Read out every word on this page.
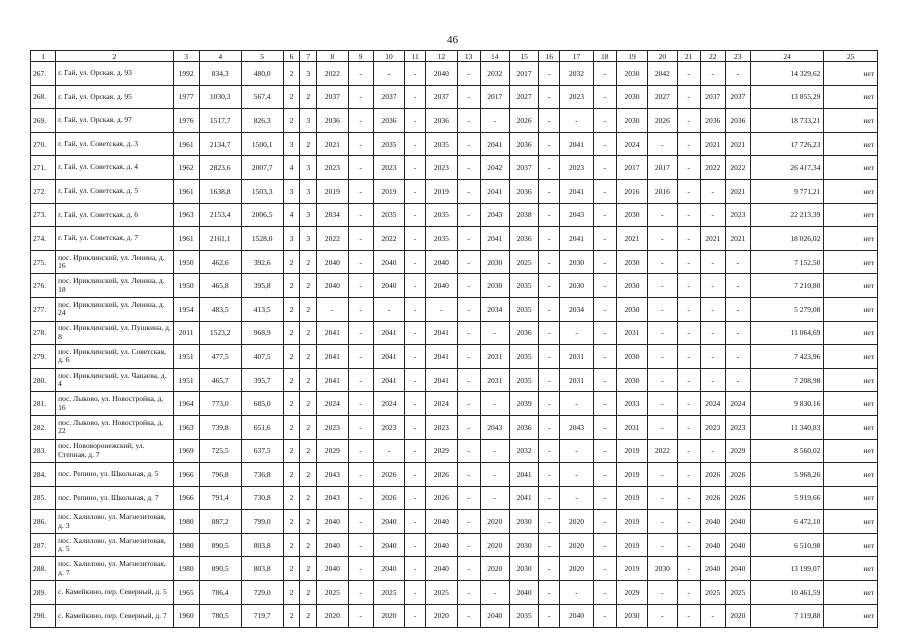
46
1	2	3	4	5	6	7	8	9	10	11	12	13	14	15	16	17	18	19	20	21	22	23	24	25
267.	г. Гай, ул. Орская, д. 93	1992	834,3	480,0	2	3	2022	-	-	-	2040	-	2032	2017	-	2032	-	2030	2042	-	-	-	14 329,62	нет
268.	г. Гай, ул. Орская, д. 95	1977	1030,3	567,4	2	2	2037	-	2037	-	2037	-	2017	2027	-	2023	-	2030	2027	-	2037	2037	13 855,29	нет
269.	г. Гай, ул. Орская, д. 97	1976	1517,7	826,3	2	3	2036	-	2036	-	2036	-	-	2026	-	-	-	2030	2026	-	2036	2036	18 733,21	нет
270.	г. Гай, ул. Советская, д. 3	1961	2134,7	1500,1	3	2	2021	-	2035	-	2035	-	2041	2036	-	2041	-	2024	-	-	2021	2021	17 726,23	нет
271.	г. Гай, ул. Советская, д. 4	1962	2823,6	2007,7	4	3	2023	-	2023	-	2023	-	2042	2037	-	2023	-	2017	2017	-	2022	2022	26 417,34	нет
272.	г. Гай, ул. Советская, д. 5	1961	1638,8	1503,3	3	3	2019	-	2019	-	2019	-	2041	2036	-	2041	-	2016	2016	-	-	2021	9 771,21	нет
273.	г. Гай, ул. Советская, д. 6	1963	2153,4	2006,5	4	3	2034	-	2035	-	2035	-	2043	2038	-	2043	-	2030	-	-	-	2023	22 213,39	нет
274.	г. Гай, ул. Советская, д. 7	1961	2161,1	1528,0	3	3	2022	-	2022	-	2035	-	2041	2036	-	2041	-	2021	-	-	2021	2021	18 026,02	нет
275.	пос. Ириклинский, ул. Ленина, д. 16	1950	462,6	392,6	2	2	2040	-	2040	-	2040	-	2030	2025	-	2030	-	2030	-	-	-	-	7 152,50	нет
276.	пос. Ириклинский, ул. Ленина, д. 18	1950	465,8	395,8	2	2	2040	-	2040	-	2040	-	2030	2035	-	2030	-	2030	-	-	-	-	7 210,80	нет
277.	пос. Ириклинский, ул. Ленина, д. 24	1954	483,5	413,5	2	2	-	-	-	-	-	-	2034	2035	-	2034	-	2030	-	-	-	-	5 279,08	нет
278.	пос. Ириклинский, ул. Пушкина, д. 8	2011	1523,2	968,9	2	2	2041	-	2041	-	2041	-	-	2036	-	-	-	2031	-	-	-	-	11 064,69	нет
279.	пос. Ириклинский, ул. Советская, д. 6	1951	477,5	407,5	2	2	2041	-	2041	-	2041	-	2031	2035	-	2031	-	2030	-	-	-	-	7 423,96	нет
280.	пос. Ириклинский, ул. Чапаева, д. 4	1951	465,7	395,7	2	2	2041	-	2041	-	2041	-	2031	2035	-	2031	-	2030	-	-	-	-	7 208,98	нет
281.	пос. Лыково, ул. Новостройка, д. 16	1964	773,0	685,0	2	2	2024	-	2024	-	2024	-	-	2039	-	-	-	2033	-	-	2024	2024	9 830,16	нет
282.	пос. Лыково, ул. Новостройка, д. 22	1963	739,8	651,6	2	2	2023	-	2023	-	2023	-	2043	2036	-	2043	-	2031	-	-	2023	2023	11 340,83	нет
283.	пос. Нововоронежский, ул. Степная, д. 7	1969	725,5	637,5	2	2	2029	-	-	-	2029	-	-	2032	-	-	-	2019	2022	-	-	2029	8 560,02	нет
284.	пос. Репино, ул. Школьная, д. 5	1966	796,8	736,8	2	2	2043	-	2026	-	2026	-	-	2041	-	-	-	2019	-	-	2026	2026	5 968,26	нет
285.	пос. Репино, ул. Школьная, д. 7	1966	791,4	730,8	2	2	2043	-	2026	-	2026	-	-	2041	-	-	-	2019	-	-	2026	2026	5 919,66	нет
286.	пос. Халилово, ул. Магнезитовая, д. 3	1980	887,2	799,0	2	2	2040	-	2040	-	2040	-	2020	2030	-	2020	-	2019	-	-	2040	2040	6 472,10	нет
287.	пос. Халилово, ул. Магнезитовая, д. 5	1980	890,5	803,8	2	2	2040	-	2040	-	2040	-	2020	2030	-	2020	-	2019	-	-	2040	2040	6 510,98	нет
288.	пос. Халилово, ул. Магнезитовая, д. 7	1980	890,5	803,8	2	2	2040	-	2040	-	2040	-	2020	2030	-	2020	-	2019	2030	-	2040	2040	13 199,07	нет
289.	с. Камейкино, пер. Северный, д. 5	1965	786,4	729,0	2	2	2025	-	2025	-	2025	-	-	2040	-	-	-	2029	-	-	2025	2025	10 461,59	нет
290.	с. Камейкино, пер. Северный, д. 7	1960	780,5	719,7	2	2	2020	-	2020	-	2020	-	2040	2035	-	2040	-	2030	-	-	-	2020	7 119,88	нет
